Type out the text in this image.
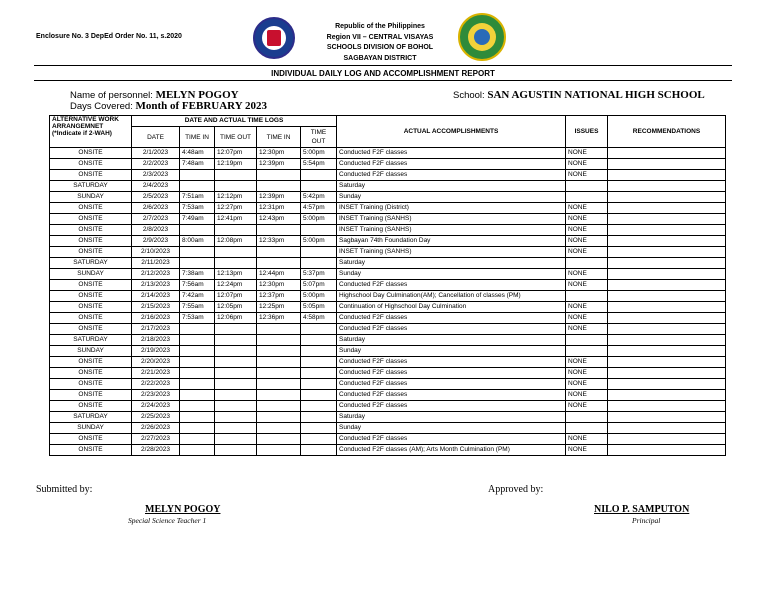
Enclosure No. 3 DepEd Order No. 11, s.2020
Republic of the Philippines
Region VII – CENTRAL VISAYAS
SCHOOLS DIVISION OF BOHOL
SAGBAYAN DISTRICT
INDIVIDUAL DAILY LOG AND ACCOMPLISHMENT REPORT
Name of personnel: MELYN POGOY
Days Covered: Month of FEBRUARY 2023
School: SAN AGUSTIN NATIONAL HIGH SCHOOL
ALTERNATIVE WORK ARRANGEMNET (*Indicate if 2-WAH)	DATE AND ACTUAL TIME LOGS					ACTUAL ACCOMPLISHMENTS	ISSUES	RECOMMENDATIONS
	DATE	TIME IN	TIME OUT	TIME IN	TIME OUT			
ONSITE	2/1/2023	4:48am	12:07pm	12:30pm	5:00pm	Conducted F2F classes	NONE	
ONSITE	2/2/2023	7:48am	12:19pm	12:39pm	5:54pm	Conducted F2F classes	NONE	
ONSITE	2/3/2023					Conducted F2F classes	NONE	
SATURDAY	2/4/2023					Saturday		
SUNDAY	2/5/2023	7:51am	12:12pm	12:39pm	5:42pm	Sunday		
ONSITE	2/6/2023	7:53am	12:27pm	12:31pm	4:57pm	INSET Training (District)	NONE	
ONSITE	2/7/2023	7:49am	12:41pm	12:43pm	5:00pm	INSET Training (SANHS)	NONE	
ONSITE	2/8/2023					INSET Training (SANHS)	NONE	
ONSITE	2/9/2023	8:00am	12:08pm	12:33pm	5:00pm	Sagbayan 74th Foundation Day	NONE	
ONSITE	2/10/2023					INSET Training (SANHS)	NONE	
SATURDAY	2/11/2023					Saturday		
SUNDAY	2/12/2023	7:38am	12:13pm	12:44pm	5:37pm	Sunday	NONE	
ONSITE	2/13/2023	7:56am	12:24pm	12:30pm	5:07pm	Conducted F2F classes	NONE	
ONSITE	2/14/2023	7:42am	12:07pm	12:37pm	5:00pm	Highschool Day Culmination(AM); Cancellation of classes (PM)		
ONSITE	2/15/2023	7:55am	12:05pm	12:25pm	5:05pm	Continuation of Highschool Day Culmination	NONE	
ONSITE	2/16/2023	7:53am	12:06pm	12:36pm	4:58pm	Conducted F2F classes	NONE	
ONSITE	2/17/2023					Conducted F2F classes	NONE	
SATURDAY	2/18/2023					Saturday		
SUNDAY	2/19/2023					Sunday		
ONSITE	2/20/2023					Conducted F2F classes	NONE	
ONSITE	2/21/2023					Conducted F2F classes	NONE	
ONSITE	2/22/2023					Conducted F2F classes	NONE	
ONSITE	2/23/2023					Conducted F2F classes	NONE	
ONSITE	2/24/2023					Conducted F2F classes	NONE	
SATURDAY	2/25/2023					Saturday		
SUNDAY	2/26/2023					Sunday		
ONSITE	2/27/2023					Conducted F2F classes	NONE	
ONSITE	2/28/2023					Conducted F2F classes (AM); Arts Month Culmination (PM)	NONE	
Submitted by:
MELYN POGOY
Special Science Teacher 1
Approved by:
NILO P. SAMPUTON
Principal
